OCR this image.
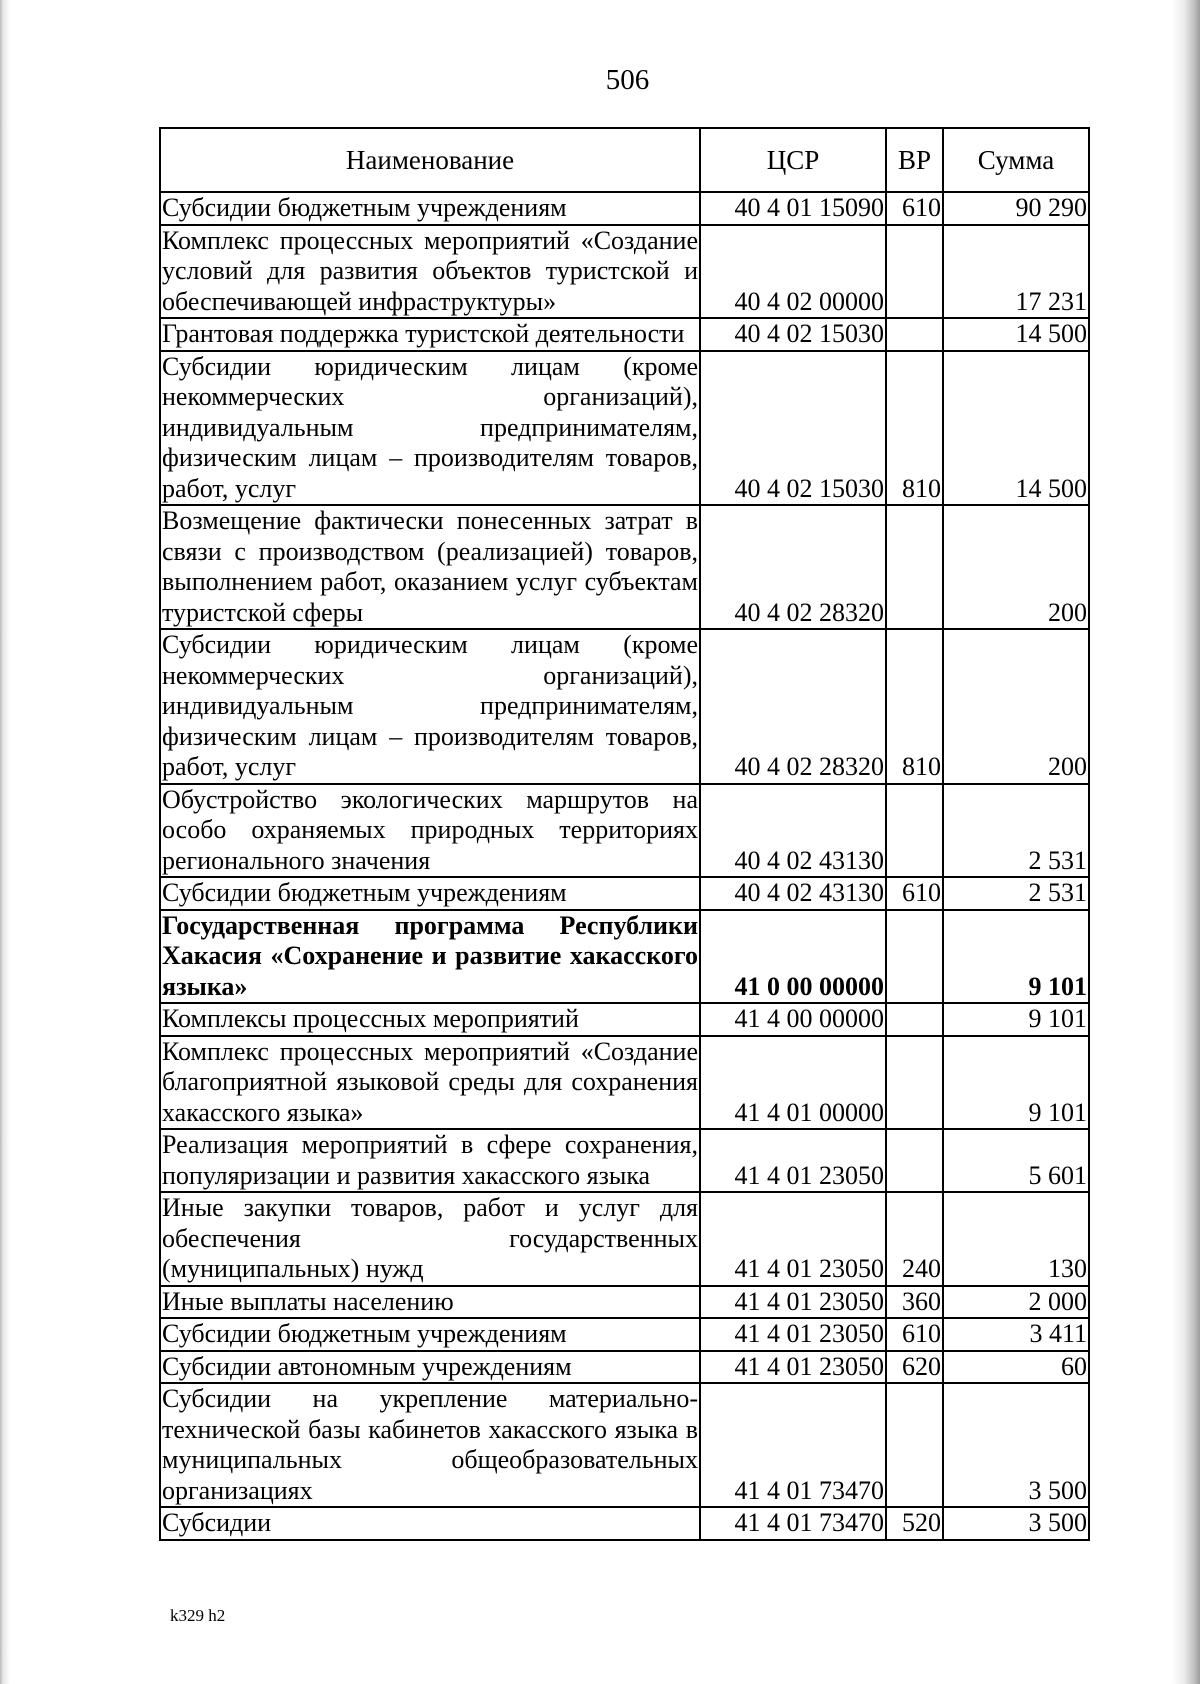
506
Наименование	ЦСР	ВР	Сумма
Субсидии бюджетным учреждениям	40 4 01 15090	610	90 290
Комплекс процессных мероприятий «Создание условий для развития объектов туристской и обеспечивающей инфраструктуры»	40 4 02 00000		17 231
Грантовая поддержка туристской деятельности	40 4 02 15030		14 500
Субсидии юридическим лицам (кроме некоммерческих организаций), индивидуальным предпринимателям, физическим лицам – производителям товаров, работ, услуг	40 4 02 15030	810	14 500
Возмещение фактически понесенных затрат в связи с производством (реализацией) товаров, выполнением работ, оказанием услуг субъектам туристской сферы	40 4 02 28320		200
Субсидии юридическим лицам (кроме некоммерческих организаций), индивидуальным предпринимателям, физическим лицам – производителям товаров, работ, услуг	40 4 02 28320	810	200
Обустройство экологических маршрутов на особо охраняемых природных территориях регионального значения	40 4 02 43130		2 531
Субсидии бюджетным учреждениям	40 4 02 43130	610	2 531
Государственная программа Республики Хакасия «Сохранение и развитие хакасского языка»	41 0 00 00000		9 101
Комплексы процессных мероприятий	41 4 00 00000		9 101
Комплекс процессных мероприятий «Создание благоприятной языковой среды для сохранения хакасского языка»	41 4 01 00000		9 101
Реализация мероприятий в сфере сохранения, популяризации и развития хакасского языка	41 4 01 23050		5 601
Иные закупки товаров, работ и услуг для обеспечения государственных (муниципальных) нужд	41 4 01 23050	240	130
Иные выплаты населению	41 4 01 23050	360	2 000
Субсидии бюджетным учреждениям	41 4 01 23050	610	3 411
Субсидии автономным учреждениям	41 4 01 23050	620	60
Субсидии на укрепление материально-технической базы кабинетов хакасского языка в муниципальных общеобразовательных организациях	41 4 01 73470		3 500
Субсидии	41 4 01 73470	520	3 500
k329 h2
